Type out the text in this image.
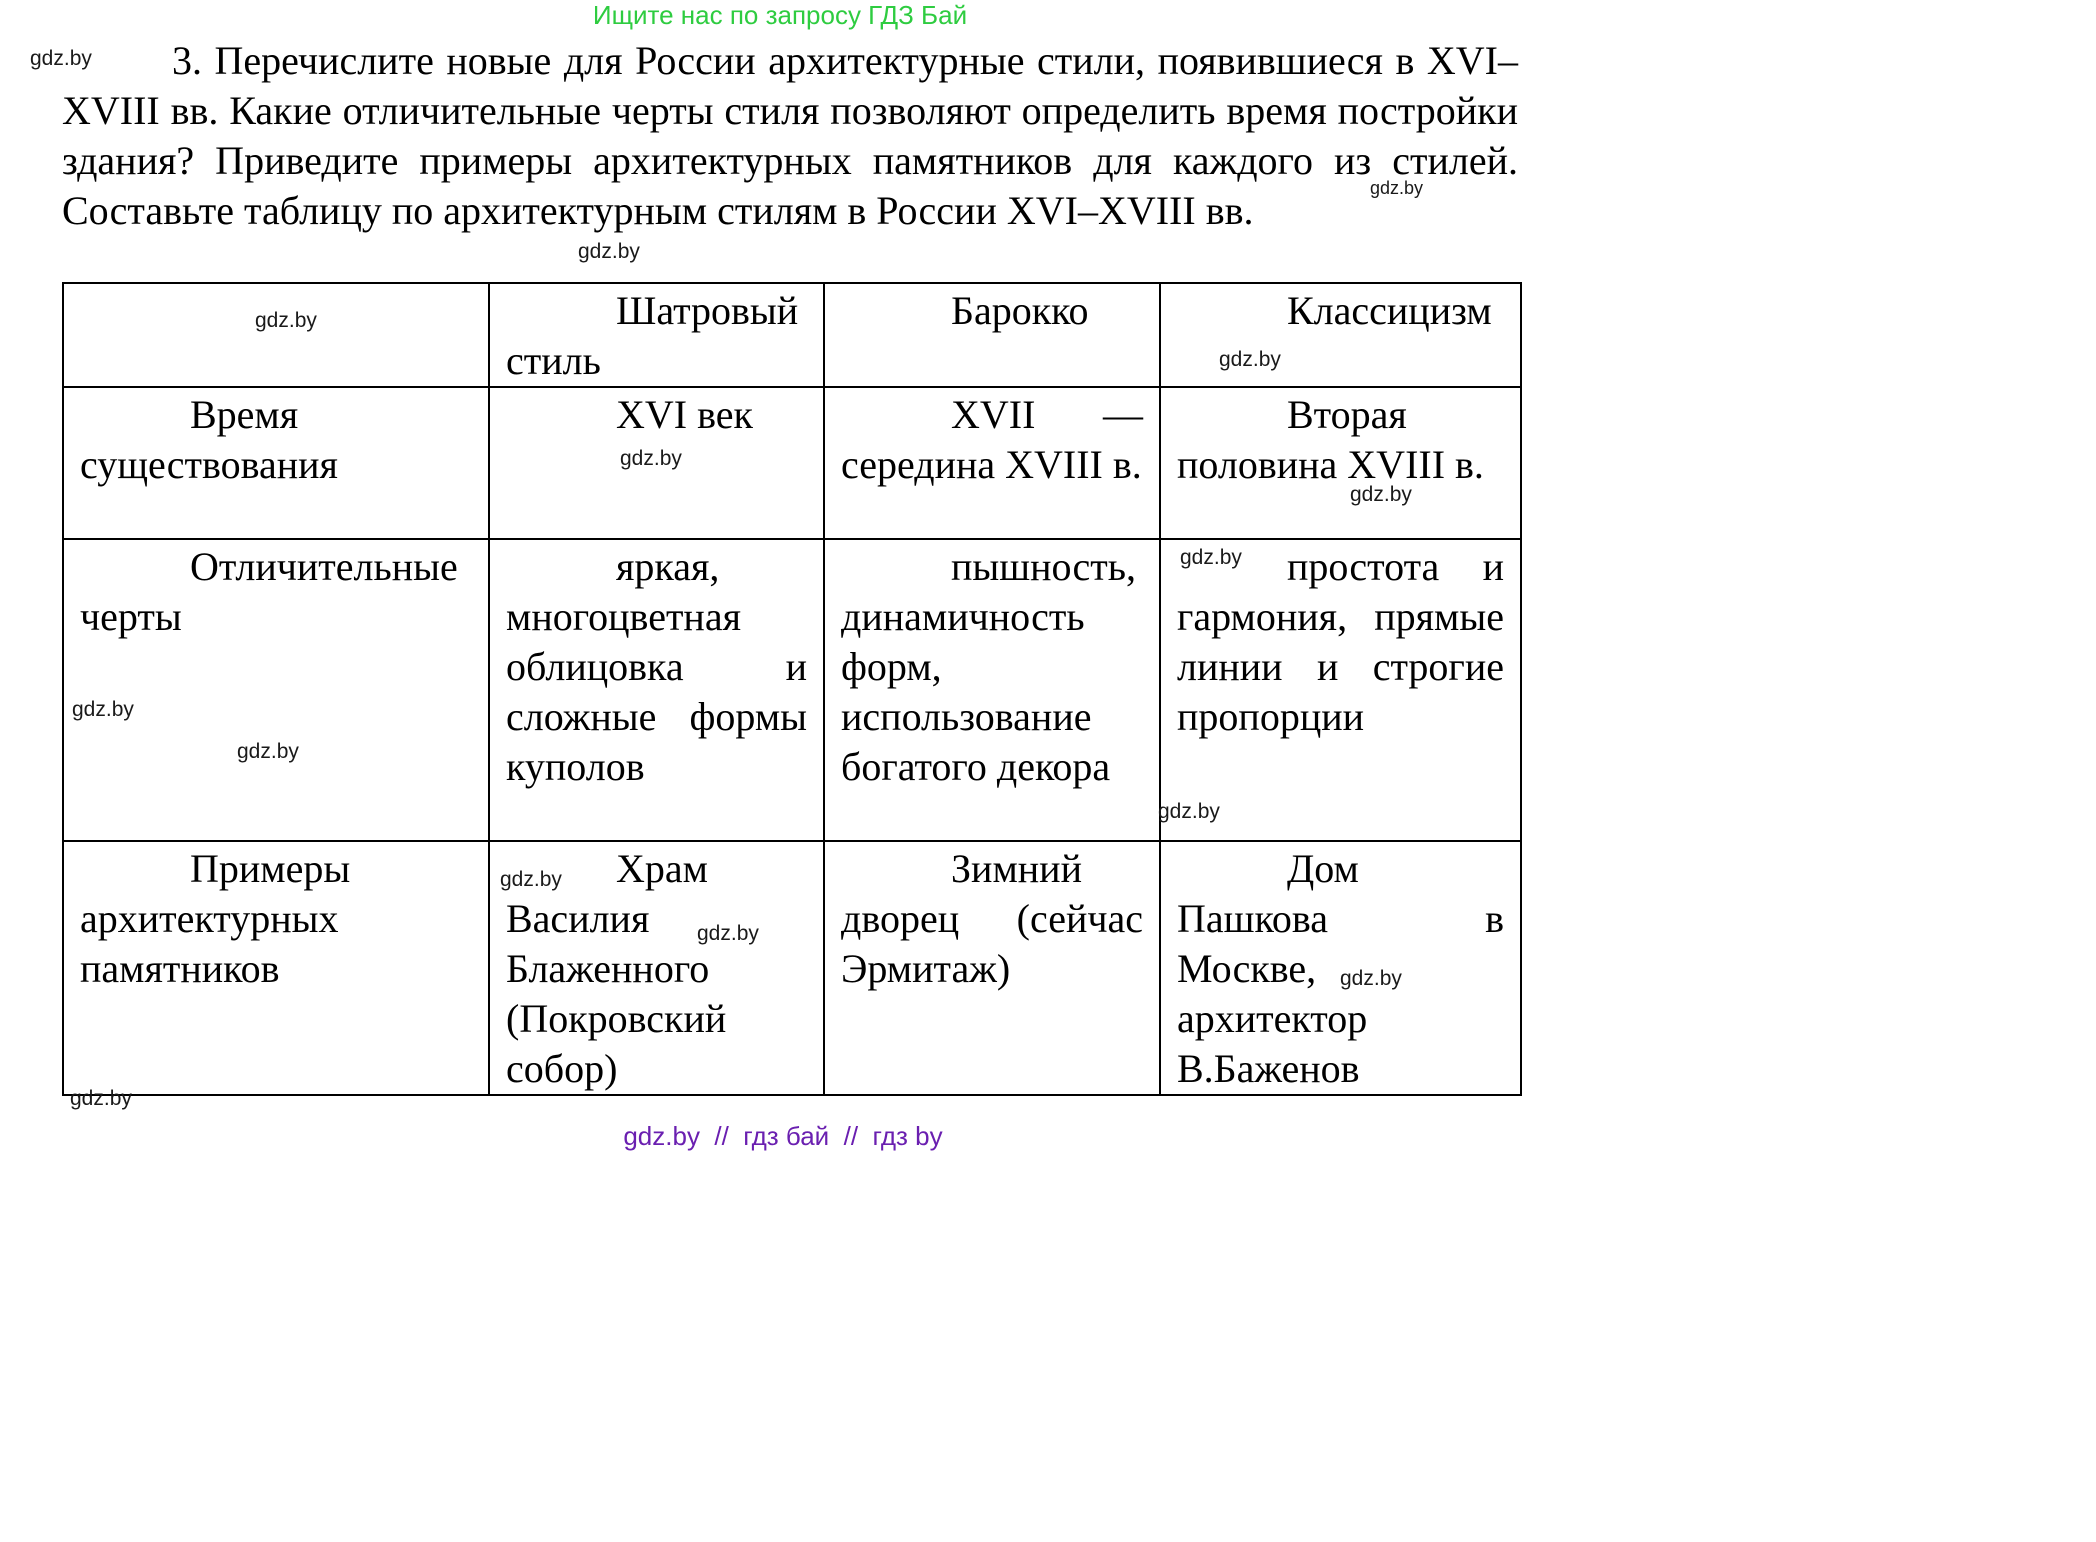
Ищите нас по запросу ГДЗ Бай

3. Перечислите новые для России архитектурные стили, появившиеся в XVI–XVIII вв. Какие отличительные черты стиля позволяют определить время постройки здания? Приведите примеры архитектурных памятников для каждого из стилей. Составьте таблицу по архитектурным стилям в России XVI–XVIII вв.

	Шатровый стиль	Барокко	Классицизм
Время существования	XVI век	XVII — середина XVIII в.	Вторая половина XVIII в.
Отличительные черты	яркая, многоцветная облицовка и сложные формы куполов	пышность, динамичность форм, использование богатого декора	простота и гармония, прямые линии и строгие пропорции
Примеры архитектурных памятников	Храм Василия Блаженного (Покровский собор)	Зимний дворец (сейчас Эрмитаж)	Дом Пашкова в Москве, архитектор В.Баженов
gdz.by
gdz.by
gdz.by
gdz.by
gdz.by
gdz.by
gdz.by
gdz.by
gdz.by
gdz.by
gdz.by
gdz.by
gdz.by
gdz.by
gdz.by
gdz.by  //  гдз бай  //  гдз by
